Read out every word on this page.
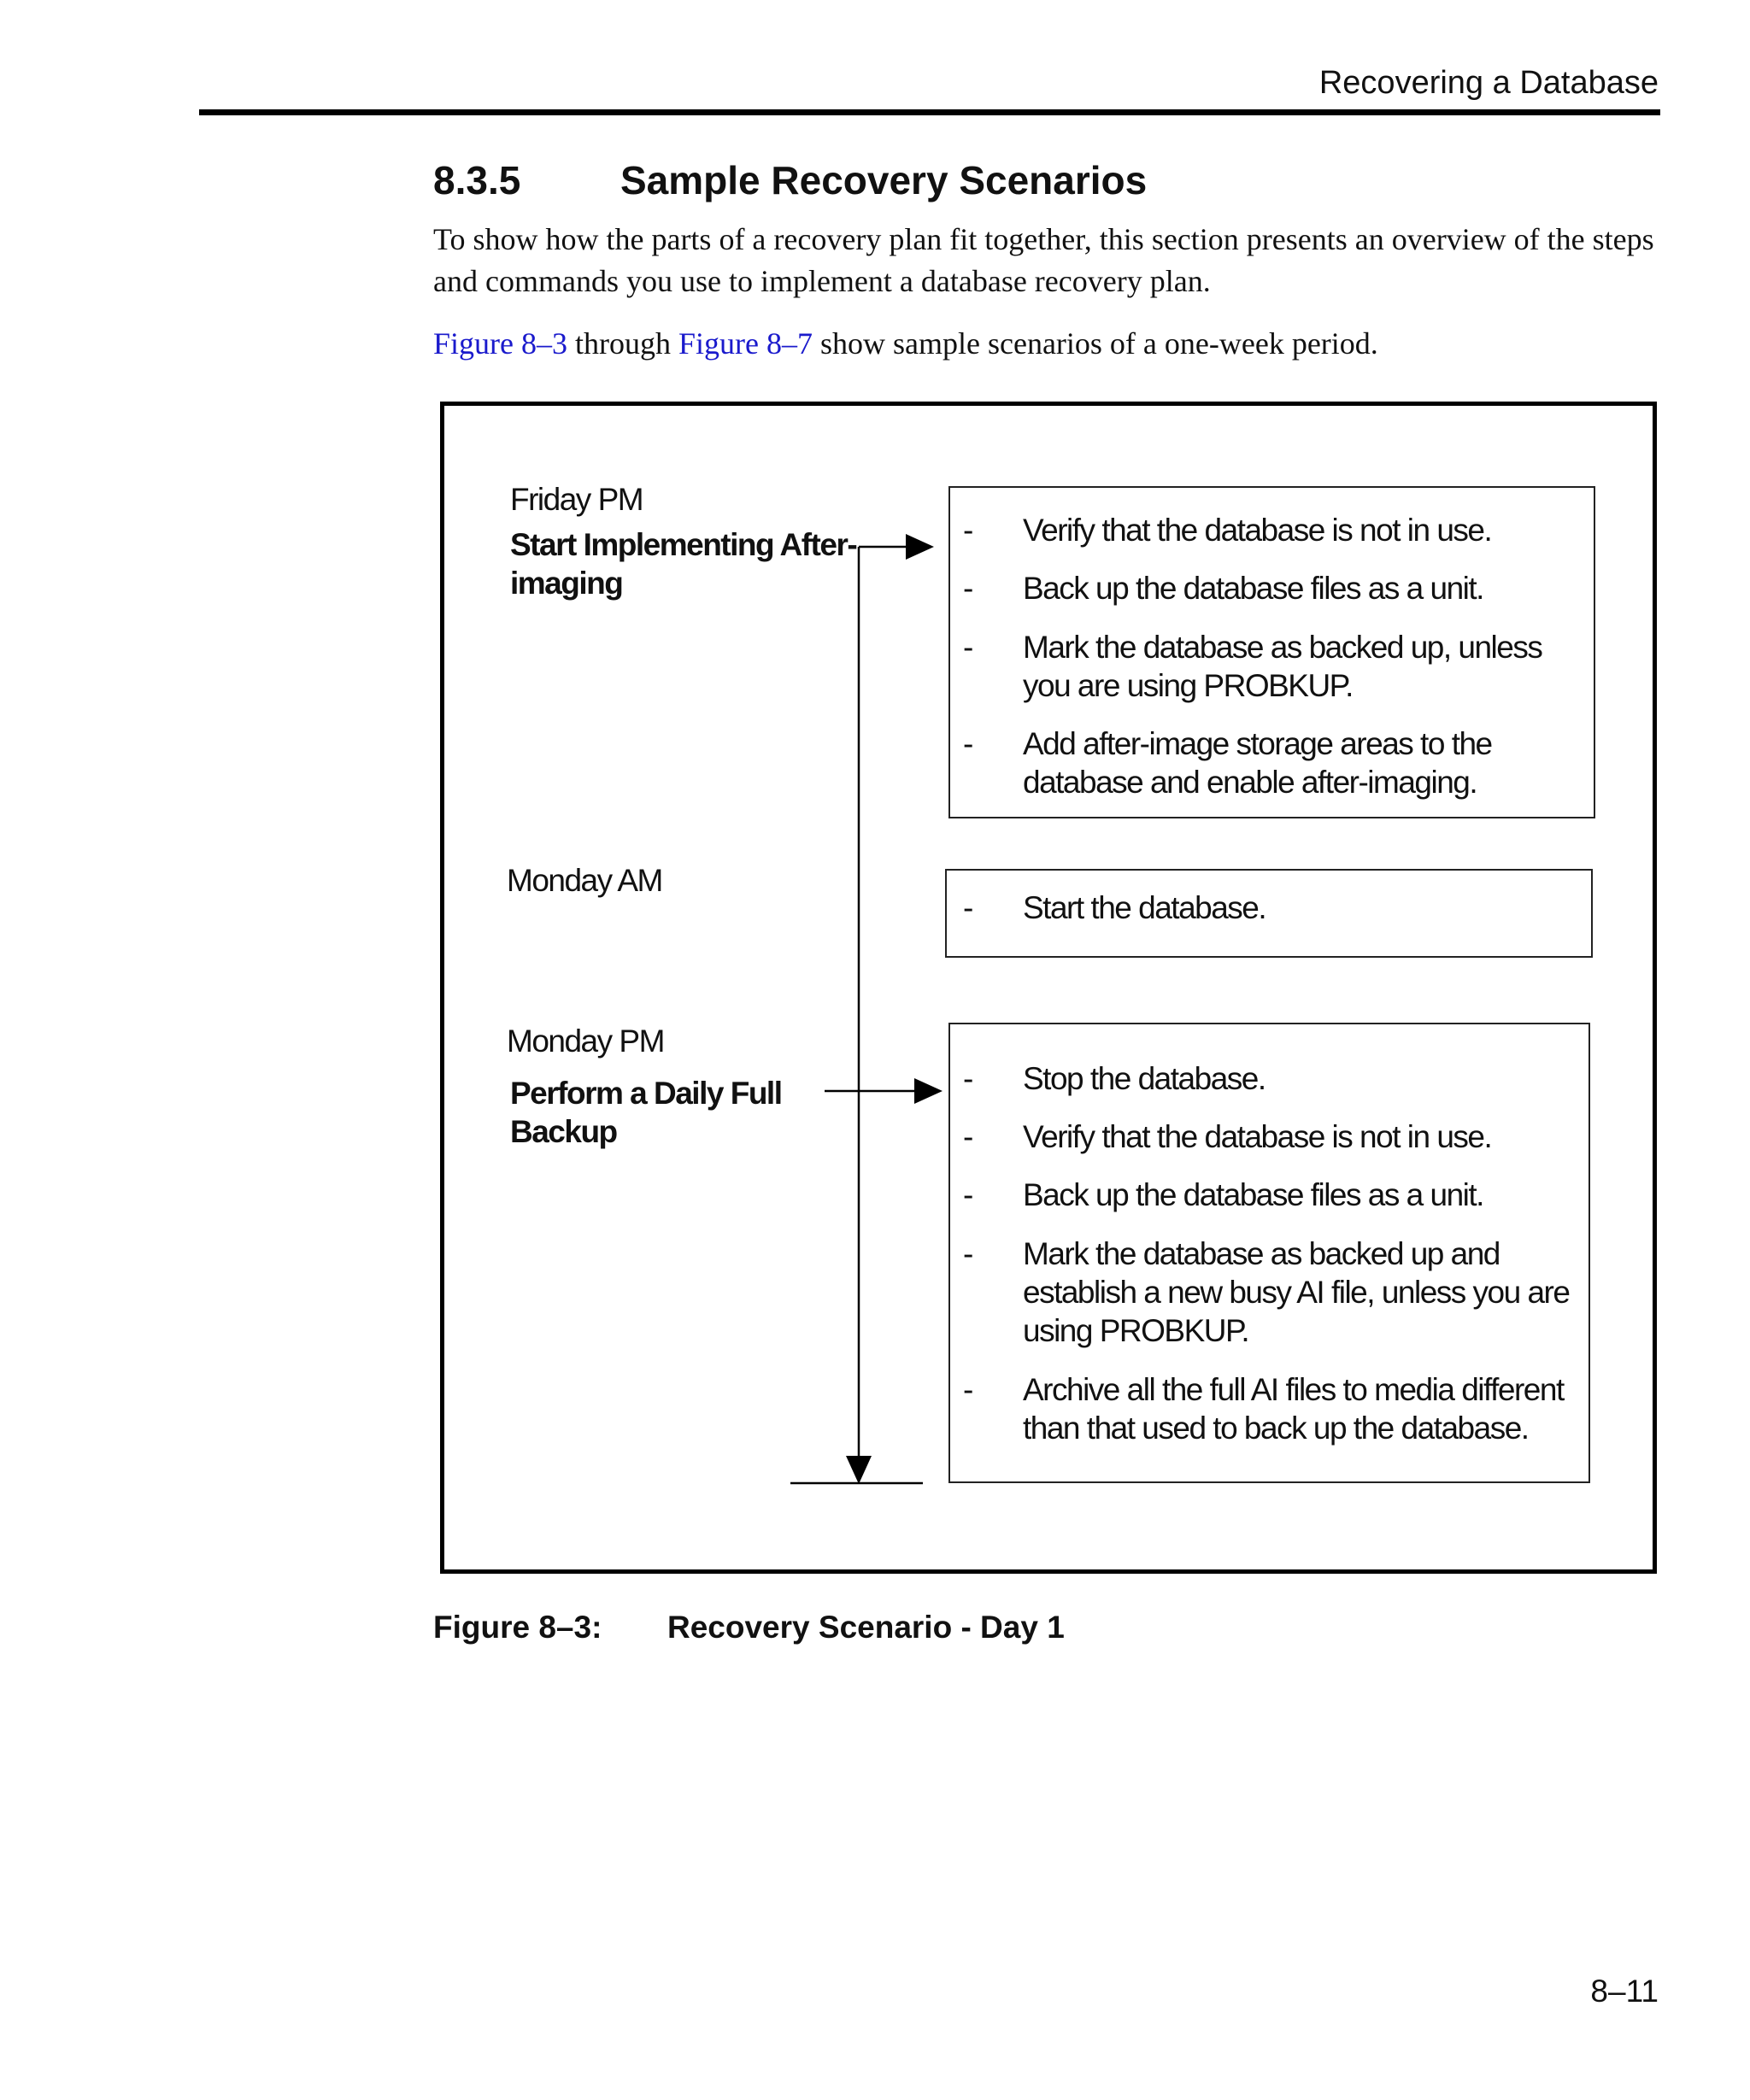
Recovering a Database
8.3.5	Sample Recovery Scenarios

To show how the parts of a recovery plan fit together, this section presents an overview of the steps and commands you use to implement a database recovery plan.

Figure 8–3 through Figure 8–7 show sample scenarios of a one-week period.

Friday PM
Start Implementing After-
imaging
- Verify that the database is not in use.
- Back up the database files as a unit.
- Mark the database as backed up, unless
you are using PROBKUP.
- Add after-image storage areas to the
database and enable after-imaging.
Monday AM
- Start the database.
Monday PM
Perform a Daily Full
Backup
- Stop the database.
- Verify that the database is not in use.
- Back up the database files as a unit.
- Mark the database as backed up and
establish a new busy AI file, unless you are
using PROBKUP.
- Archive all the full AI files to media different
than that used to back up the database.
Figure 8–3: Recovery Scenario - Day 1
8–11
